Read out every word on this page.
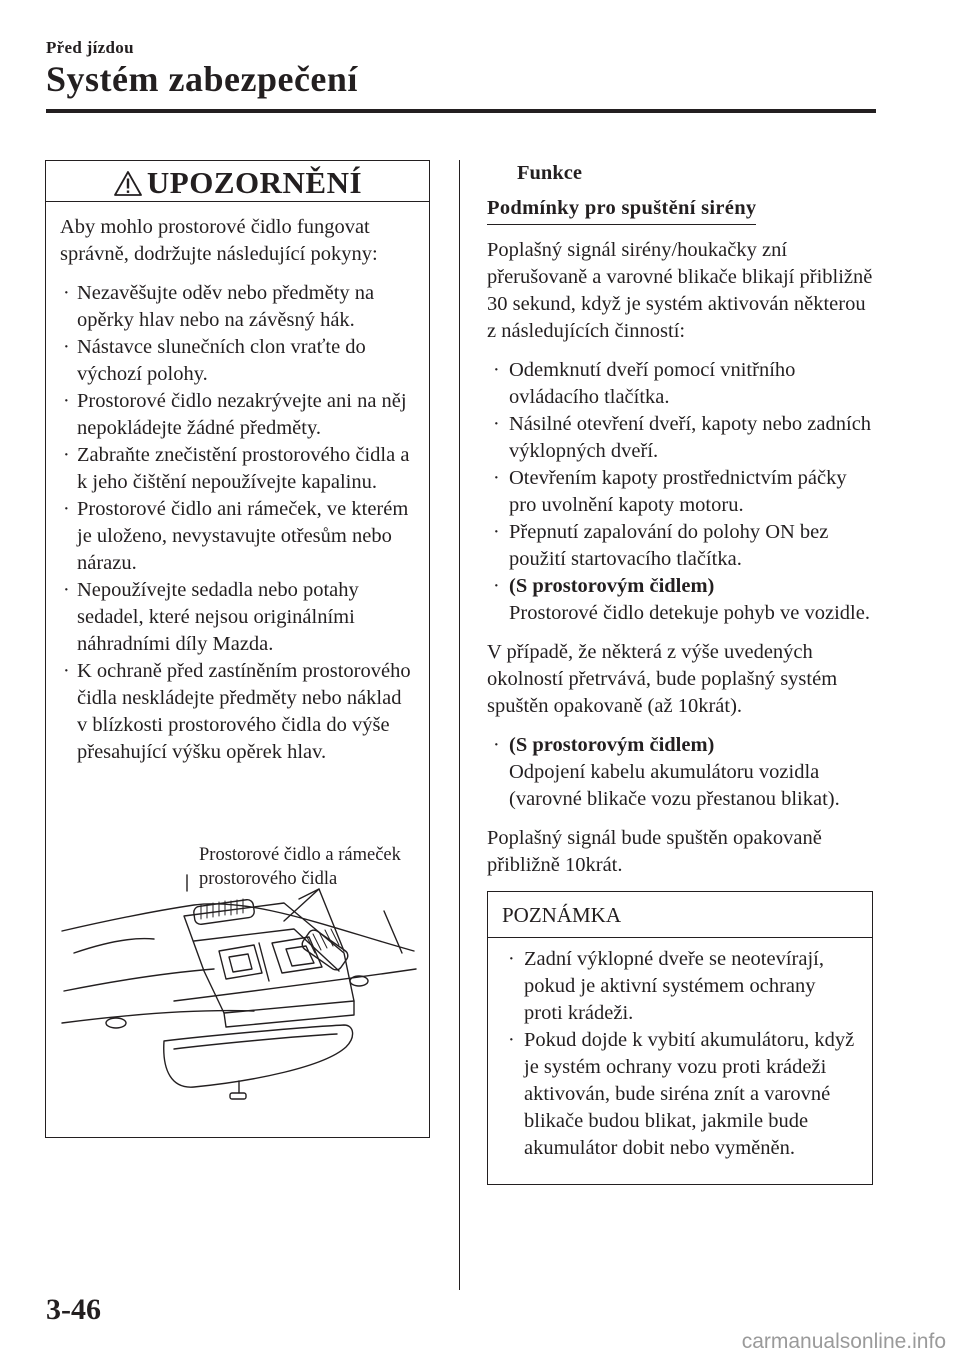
Před jízdou
Systém zabezpečení
UPOZORNĚNÍ

Aby mohlo prostorové čidlo fungovat správně, dodržujte následující pokyny:

· Nezavěšujte oděv nebo předměty na opěrky hlav nebo na závěsný hák.
· Nástavce slunečních clon vraťte do výchozí polohy.
· Prostorové čidlo nezakrývejte ani na něj nepokládejte žádné předměty.
· Zabraňte znečistění prostorového čidla a k jeho čištění nepoužívejte kapalinu.
· Prostorové čidlo ani rámeček, ve kterém je uloženo, nevystavujte otřesům nebo nárazu.
· Nepoužívejte sedadla nebo potahy sedadel, které nejsou originálními náhradními díly Mazda.
· K ochraně před zastíněním prostorového čidla neskládejte předměty nebo náklad v blízkosti prostorového čidla do výše přesahující výšku opěrek hlav.
Prostorové čidlo a rámeček
prostorového čidla
Funkce
Podmínky pro spuštění sirény

Poplašný signál sirény/houkačky zní přerušovaně a varovné blikače blikají přibližně 30 sekund, když je systém aktivován některou z následujících činností:

· Odemknutí dveří pomocí vnitřního ovládacího tlačítka.
· Násilné otevření dveří, kapoty nebo zadních výklopných dveří.
· Otevřením kapoty prostřednictvím páčky pro uvolnění kapoty motoru.
· Přepnutí zapalování do polohy ON bez použití startovacího tlačítka.
· (S prostorovým čidlem)
Prostorové čidlo detekuje pohyb ve vozidle.

V případě, že některá z výše uvedených okolností přetrvává, bude poplašný systém spuštěn opakovaně (až 10krát).

· (S prostorovým čidlem)
Odpojení kabelu akumulátoru vozidla (varovné blikače vozu přestanou blikat).

Poplašný signál bude spuštěn opakovaně přibližně 10krát.

POZNÁMKA
· Zadní výklopné dveře se neotevírají, pokud je aktivní systémem ochrany proti krádeži.
· Pokud dojde k vybití akumulátoru, když je systém ochrany vozu proti krádeži aktivován, bude siréna znít a varovné blikače budou blikat, jakmile bude akumulátor dobit nebo vyměněn.
3-46
carmanualsonline.info
